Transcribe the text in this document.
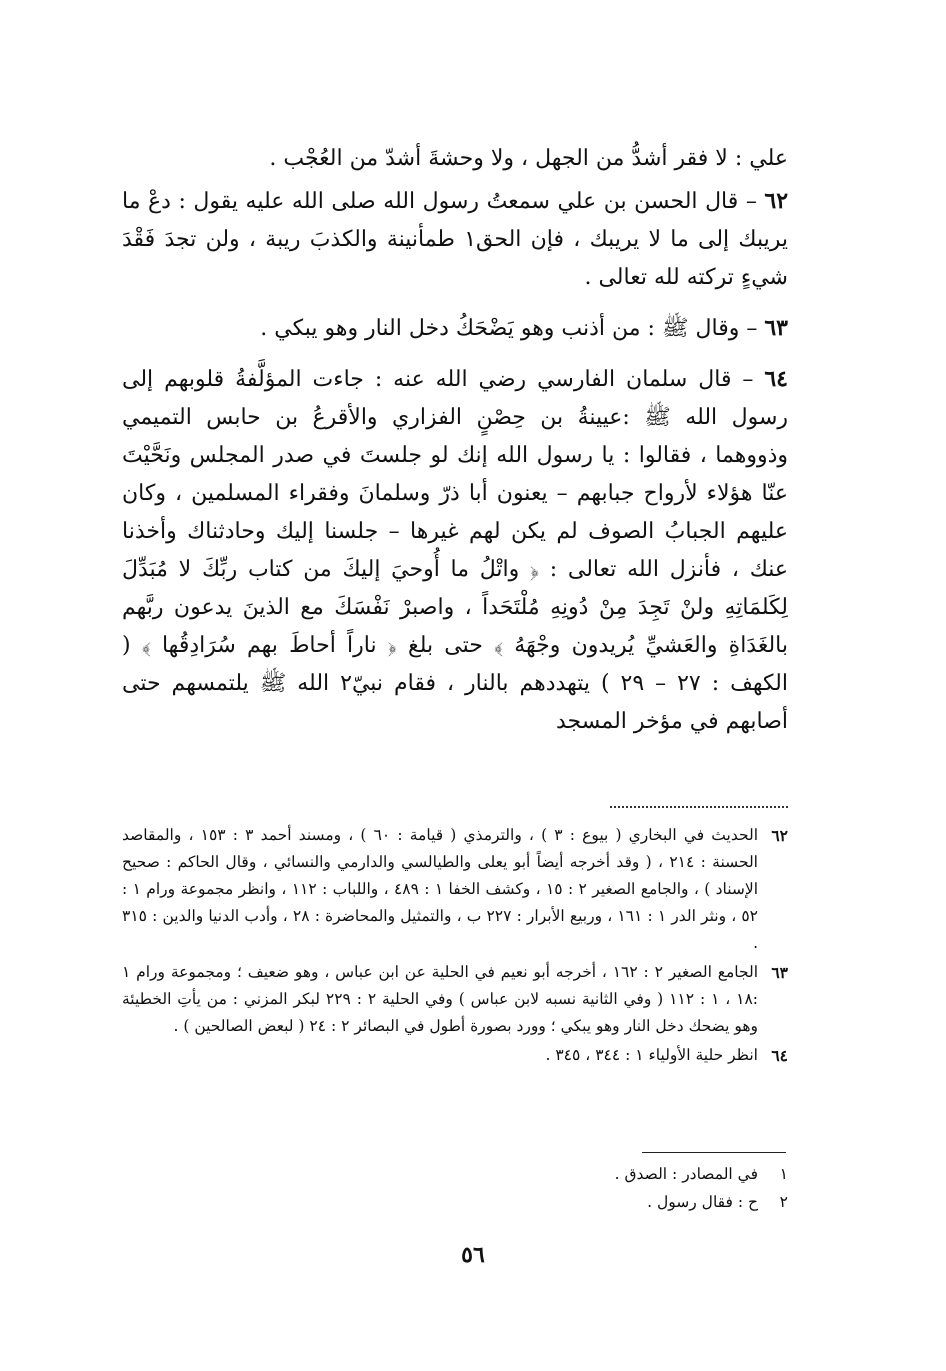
علي : لا فقر أشدُّ من الجهل ، ولا وحشةَ أشدّ من العُجْب .

٦٢ – قال الحسن بن علي سمعتُ رسول الله صلى الله عليه يقول : دعْ ما يريبك إلى ما لا يريبك ، فإن الحق١ طمأنينة والكذبَ ريبة ، ولن تجدَ فَقْدَ شيءٍ تركته لله تعالى .

٦٣ – وقال ﷺ : من أذنب وهو يَضْحَكُ دخل النار وهو يبكي .

٦٤ – قال سلمان الفارسي رضي الله عنه : جاءت المؤلَّفةُ قلوبهم إلى رسول الله ﷺ :عيينةُ بن حِصْنٍ الفزاري والأقرعُ بن حابس التميمي وذووهما ، فقالوا : يا رسول الله إنك لو جلستَ في صدر المجلس ونَحَّيْتَ عنّا هؤلاء لأرواح جبابهم – يعنون أبا ذرّ وسلمانَ وفقراء المسلمين ، وكان عليهم الجبابُ الصوف لم يكن لهم غيرها – جلسنا إليك وحادثناك وأخذنا عنك ، فأنزل الله تعالى : ﴿ واتْلُ ما أُوحيَ إليكَ من كتاب ربِّكَ لا مُبَدِّلَ لِكَلمَاتِهِ ولنْ تَجِدَ مِنْ دُونِهِ مُلْتَحَداً ، واصبرْ نَفْسَكَ مع الذينَ يدعون ربَّهم بالغَدَاةِ والعَشيِّ يُريدون وجْهَهُ ﴾ حتى بلغ ﴿ ناراً أحاطَ بهم سُرَادِقُها ﴾ ( الكهف : ٢٧ – ٢٩ ) يتهددهم بالنار ، فقام نبيّ٢ الله ﷺ يلتمسهم حتى أصابهم في مؤخر المسجد

٦٢
الحديث في البخاري ( بيوع : ٣ ) ، والترمذي ( قيامة : ٦٠ ) ، ومسند أحمد ٣ : ١٥٣ ، والمقاصد الحسنة : ٢١٤ ، ( وقد أخرجه أيضاً أبو يعلى والطيالسي والدارمي والنسائي ، وقال الحاكم : صحيح الإسناد ) ، والجامع الصغير ٢ : ١٥ ، وكشف الخفا ١ : ٤٨٩ ، واللباب : ١١٢ ، وانظر مجموعة ورام ١ : ٥٢ ، ونثر الدر ١ : ١٦١ ، وربيع الأبرار : ٢٢٧ ب ، والتمثيل والمحاضرة : ٢٨ ، وأدب الدنيا والدين : ٣١٥ .
٦٣
الجامع الصغير ٢ : ١٦٢ ، أخرجه أبو نعيم في الحلية عن ابن عباس ، وهو ضعيف ؛ ومجموعة ورام ١ :١٨ ، ١ : ١١٢ ( وفي الثانية نسبه لابن عباس ) وفي الحلية ٢ : ٢٢٩ لبكر المزني : من يأتِ الخطيئة وهو يضحك دخل النار وهو يبكي ؛ وورد بصورة أطول في البصائر ٢ : ٢٤ ( لبعض الصالحين ) .
٦٤
انظر حلية الأولياء ١ : ٣٤٤ ، ٣٤٥ .
١
في المصادر : الصدق .
٢
ح : فقال رسول .
٥٦
